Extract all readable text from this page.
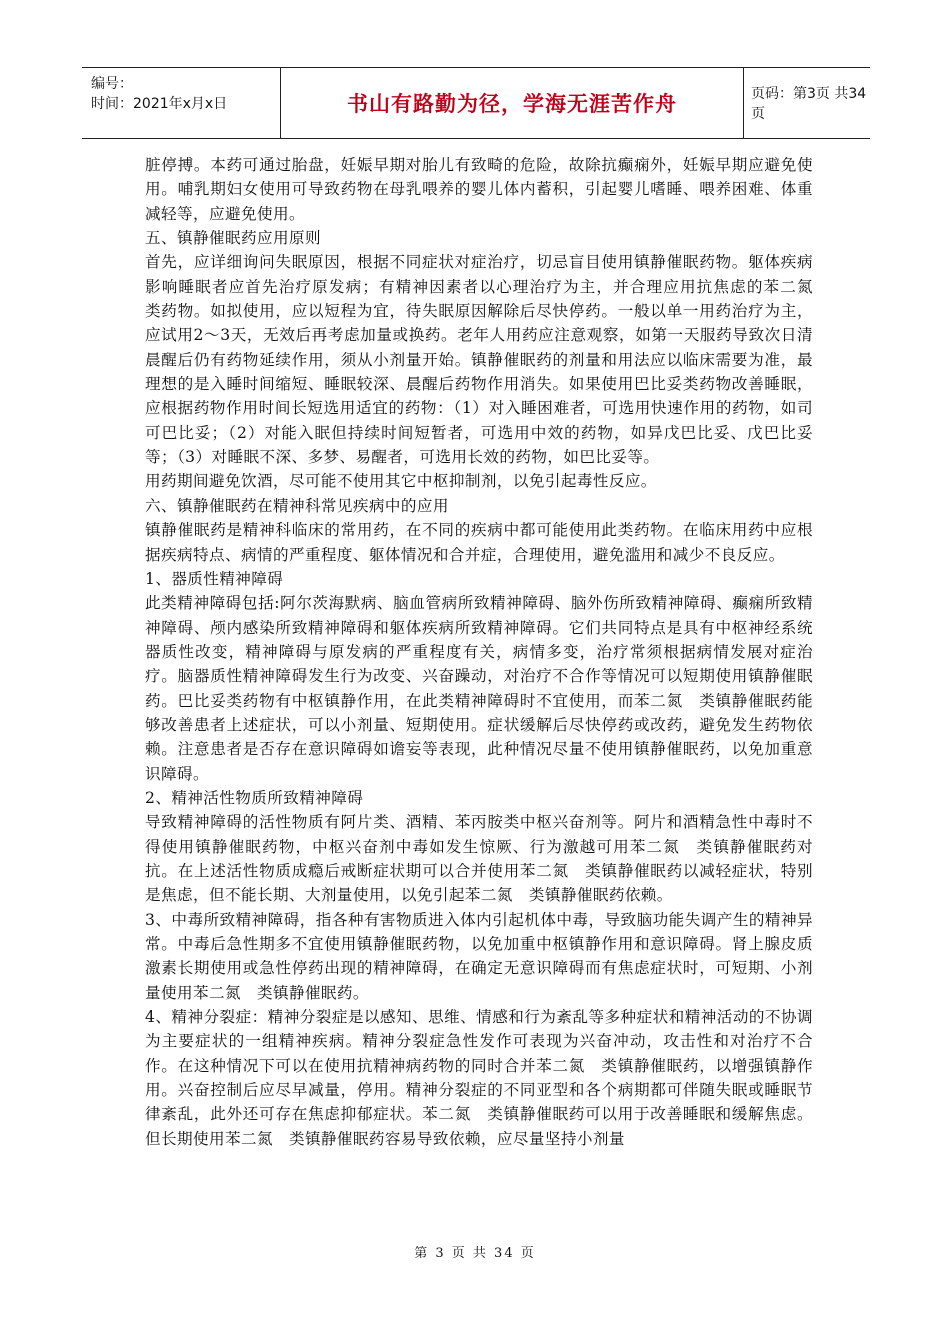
编号：
时间：2021年x月x日	书山有路勤为径，学海无涯苦作舟	页码：第3页 共34页

脏停搏。本药可通过胎盘，妊娠早期对胎儿有致畸的危险，故除抗癫痫外，妊娠早期应避免使用。哺乳期妇女使用可导致药物在母乳喂养的婴儿体内蓄积，引起婴儿嗜睡、喂养困难、体重减轻等，应避免使用。

五、镇静催眠药应用原则

首先，应详细询问失眠原因，根据不同症状对症治疗，切忌盲目使用镇静催眠药物。躯体疾病影响睡眠者应首先治疗原发病；有精神因素者以心理治疗为主，并合理应用抗焦虑的苯二氮　类药物。如拟使用，应以短程为宜，待失眠原因解除后尽快停药。一般以单一用药治疗为主，应试用2～3天，无效后再考虑加量或换药。老年人用药应注意观察，如第一天服药导致次日清晨醒后仍有药物延续作用，须从小剂量开始。镇静催眠药的剂量和用法应以临床需要为准，最理想的是入睡时间缩短、睡眠较深、晨醒后药物作用消失。如果使用巴比妥类药物改善睡眠，应根据药物作用时间长短选用适宜的药物：（1）对入睡困难者，可选用快速作用的药物，如司可巴比妥；（2）对能入眠但持续时间短暂者，可选用中效的药物，如异戊巴比妥、戊巴比妥等；（3）对睡眠不深、多梦、易醒者，可选用长效的药物，如巴比妥等。

用药期间避免饮酒，尽可能不使用其它中枢抑制剂，以免引起毒性反应。

六、镇静催眠药在精神科常见疾病中的应用

镇静催眠药是精神科临床的常用药，在不同的疾病中都可能使用此类药物。在临床用药中应根据疾病特点、病情的严重程度、躯体情况和合并症，合理使用，避免滥用和减少不良反应。

1、器质性精神障碍

此类精神障碍包括:阿尔茨海默病、脑血管病所致精神障碍、脑外伤所致精神障碍、癫痫所致精神障碍、颅内感染所致精神障碍和躯体疾病所致精神障碍。它们共同特点是具有中枢神经系统器质性改变，精神障碍与原发病的严重程度有关，病情多变，治疗常须根据病情发展对症治疗。脑器质性精神障碍发生行为改变、兴奋躁动，对治疗不合作等情况可以短期使用镇静催眠药。巴比妥类药物有中枢镇静作用，在此类精神障碍时不宜使用，而苯二氮　类镇静催眠药能够改善患者上述症状，可以小剂量、短期使用。症状缓解后尽快停药或改药，避免发生药物依赖。注意患者是否存在意识障碍如谵妄等表现，此种情况尽量不使用镇静催眠药，以免加重意识障碍。

2、精神活性物质所致精神障碍

导致精神障碍的活性物质有阿片类、酒精、苯丙胺类中枢兴奋剂等。阿片和酒精急性中毒时不得使用镇静催眠药物，中枢兴奋剂中毒如发生惊厥、行为激越可用苯二氮　类镇静催眠药对抗。在上述活性物质成瘾后戒断症状期可以合并使用苯二氮　类镇静催眠药以减轻症状，特别是焦虑，但不能长期、大剂量使用，以免引起苯二氮　类镇静催眠药依赖。

3、中毒所致精神障碍，指各种有害物质进入体内引起机体中毒，导致脑功能失调产生的精神异常。中毒后急性期多不宜使用镇静催眠药物，以免加重中枢镇静作用和意识障碍。肾上腺皮质激素长期使用或急性停药出现的精神障碍，在确定无意识障碍而有焦虑症状时，可短期、小剂量使用苯二氮　类镇静催眠药。

4、精神分裂症：精神分裂症是以感知、思维、情感和行为紊乱等多种症状和精神活动的不协调为主要症状的一组精神疾病。精神分裂症急性发作可表现为兴奋冲动，攻击性和对治疗不合作。在这种情况下可以在使用抗精神病药物的同时合并苯二氮　类镇静催眠药，以增强镇静作用。兴奋控制后应尽早减量，停用。精神分裂症的不同亚型和各个病期都可伴随失眠或睡眠节律紊乱，此外还可存在焦虑抑郁症状。苯二氮　类镇静催眠药可以用于改善睡眠和缓解焦虑。但长期使用苯二氮　类镇静催眠药容易导致依赖，应尽量坚持小剂量

第 3 页 共 34 页
